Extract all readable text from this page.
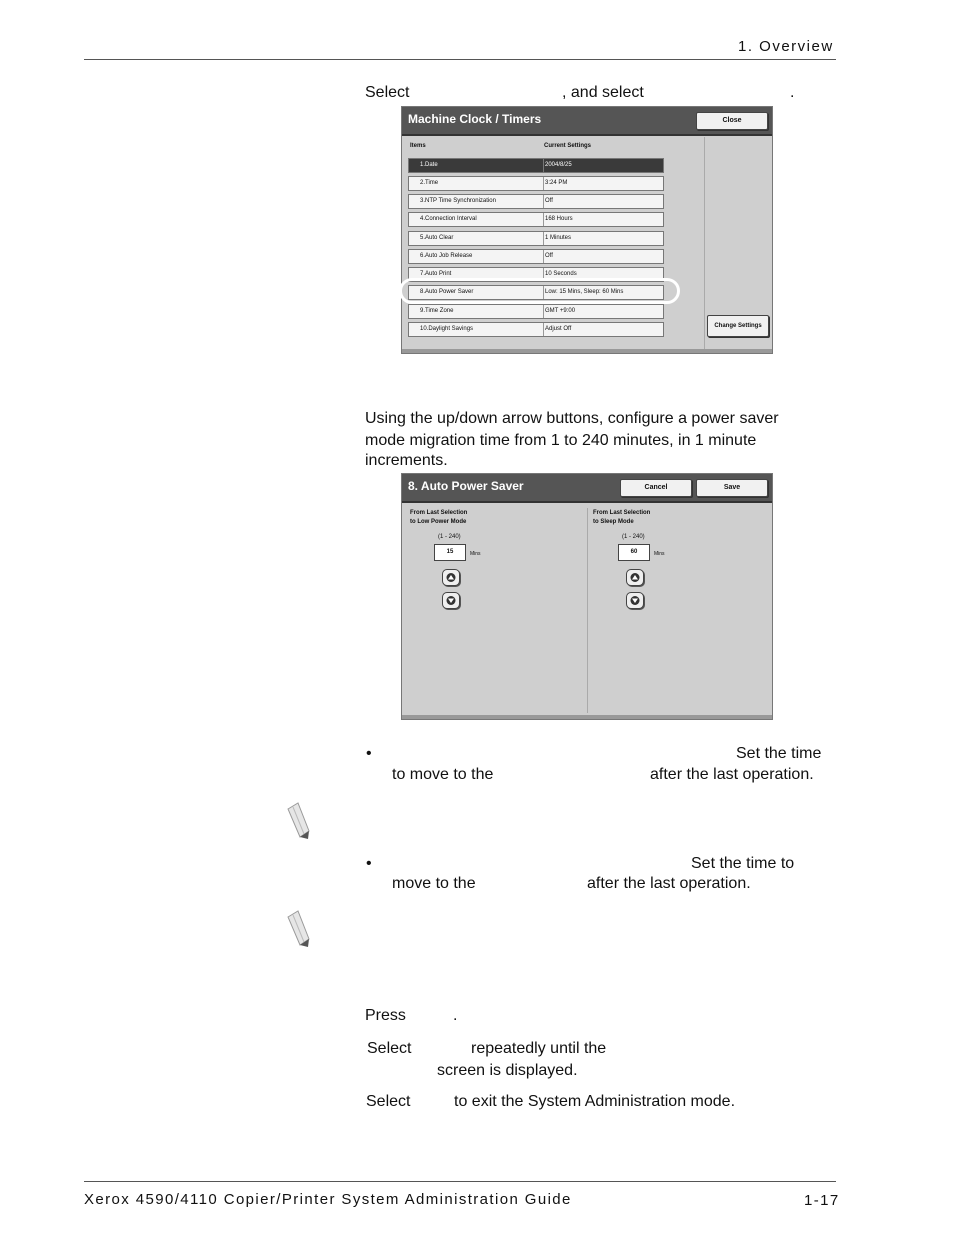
1. Overview
Select	, and select	.
Machine Clock / Timers	Close
Items	Current Settings
1.Date	2004/8/25
2.Time	3:24 PM
3.NTP Time Synchronization	Off
4.Connection Interval	168 Hours
5.Auto Clear	1 Minutes
6.Auto Job Release	Off
7.Auto Print	10 Seconds
8.Auto Power Saver	Low: 15 Mins, Sleep: 60 Mins
9.Time Zone	GMT +9:00
10.Daylight Savings	Adjust Off	Change Settings
Using the up/down arrow buttons, configure a power saver
mode migration time from 1 to 240 minutes, in 1 minute
increments.
8. Auto Power Saver	Cancel	Save
From Last Selection
to Low Power Mode
(1 - 240)
15	Mins
From Last Selection
to Sleep Mode
(1 - 240)
60	Mins
•	Set the time
to move to the	after the last operation.
•	Set the time to
move to the	after the last operation.
Press	.
Select	repeatedly until the
screen is displayed.
Select	to exit the System Administration mode.
Xerox 4590/4110 Copier/Printer System Administration Guide	1-17
